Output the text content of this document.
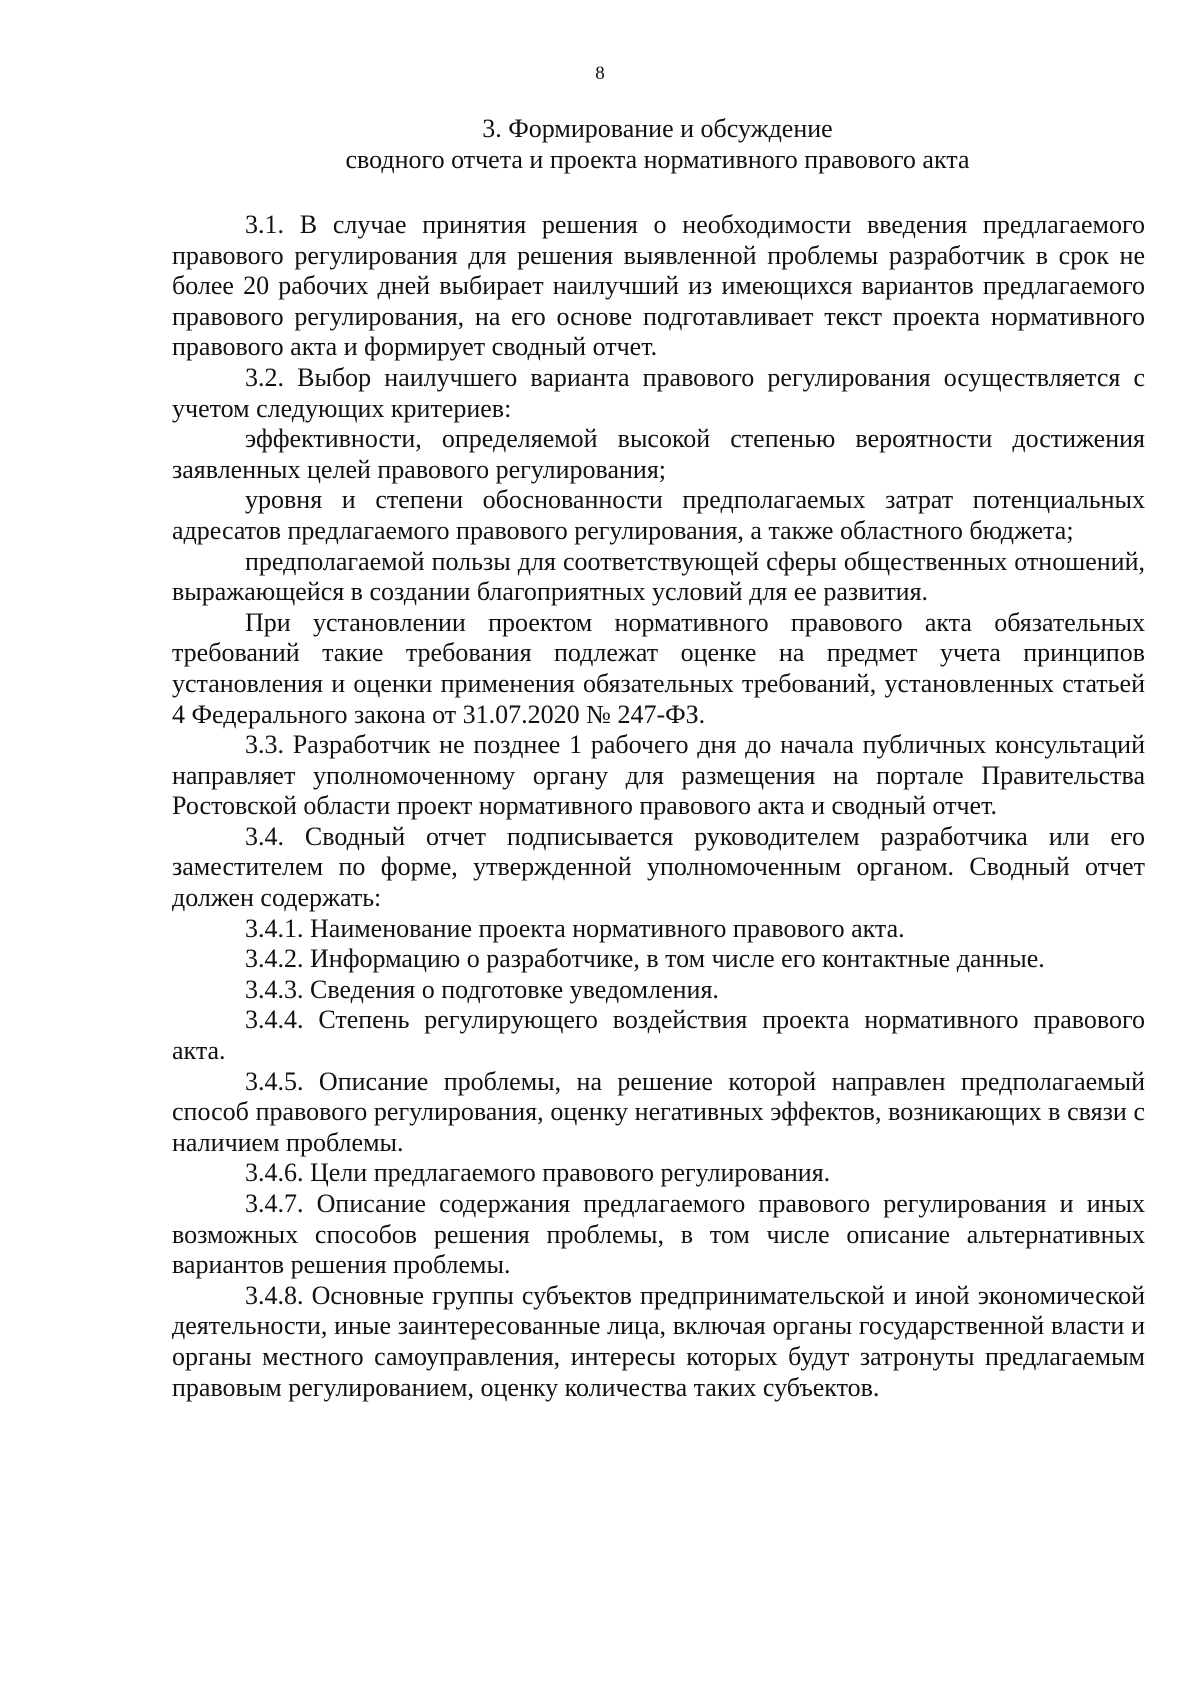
8
3. Формирование и обсуждение
сводного отчета и проекта нормативного правового акта

3.1. В случае принятия решения о необходимости введения предлагаемого правового регулирования для решения выявленной проблемы разработчик в срок не более 20 рабочих дней выбирает наилучший из имеющихся вариантов предлагаемого правового регулирования, на его основе подготавливает текст проекта нормативного правового акта и формирует сводный отчет.

3.2. Выбор наилучшего варианта правового регулирования осуществляется с учетом следующих критериев:

эффективности, определяемой высокой степенью вероятности достижения заявленных целей правового регулирования;

уровня и степени обоснованности предполагаемых затрат потенциальных адресатов предлагаемого правового регулирования, а также областного бюджета;

предполагаемой пользы для соответствующей сферы общественных отношений, выражающейся в создании благоприятных условий для ее развития.

При установлении проектом нормативного правового акта обязательных требований такие требования подлежат оценке на предмет учета принципов установления и оценки применения обязательных требований, установленных статьей 4 Федерального закона от 31.07.2020 № 247-ФЗ.

3.3. Разработчик не позднее 1 рабочего дня до начала публичных консультаций направляет уполномоченному органу для размещения на портале Правительства Ростовской области проект нормативного правового акта и сводный отчет.

3.4. Сводный отчет подписывается руководителем разработчика или его заместителем по форме, утвержденной уполномоченным органом. Сводный отчет должен содержать:

3.4.1. Наименование проекта нормативного правового акта.

3.4.2. Информацию о разработчике, в том числе его контактные данные.

3.4.3. Сведения о подготовке уведомления.

3.4.4. Степень регулирующего воздействия проекта нормативного правового акта.

3.4.5. Описание проблемы, на решение которой направлен предполагаемый способ правового регулирования, оценку негативных эффектов, возникающих в связи с наличием проблемы.

3.4.6. Цели предлагаемого правового регулирования.

3.4.7. Описание содержания предлагаемого правового регулирования и иных возможных способов решения проблемы, в том числе описание альтернативных вариантов решения проблемы.

3.4.8. Основные группы субъектов предпринимательской и иной экономической деятельности, иные заинтересованные лица, включая органы государственной власти и органы местного самоуправления, интересы которых будут затронуты предлагаемым правовым регулированием, оценку количества таких субъектов.
